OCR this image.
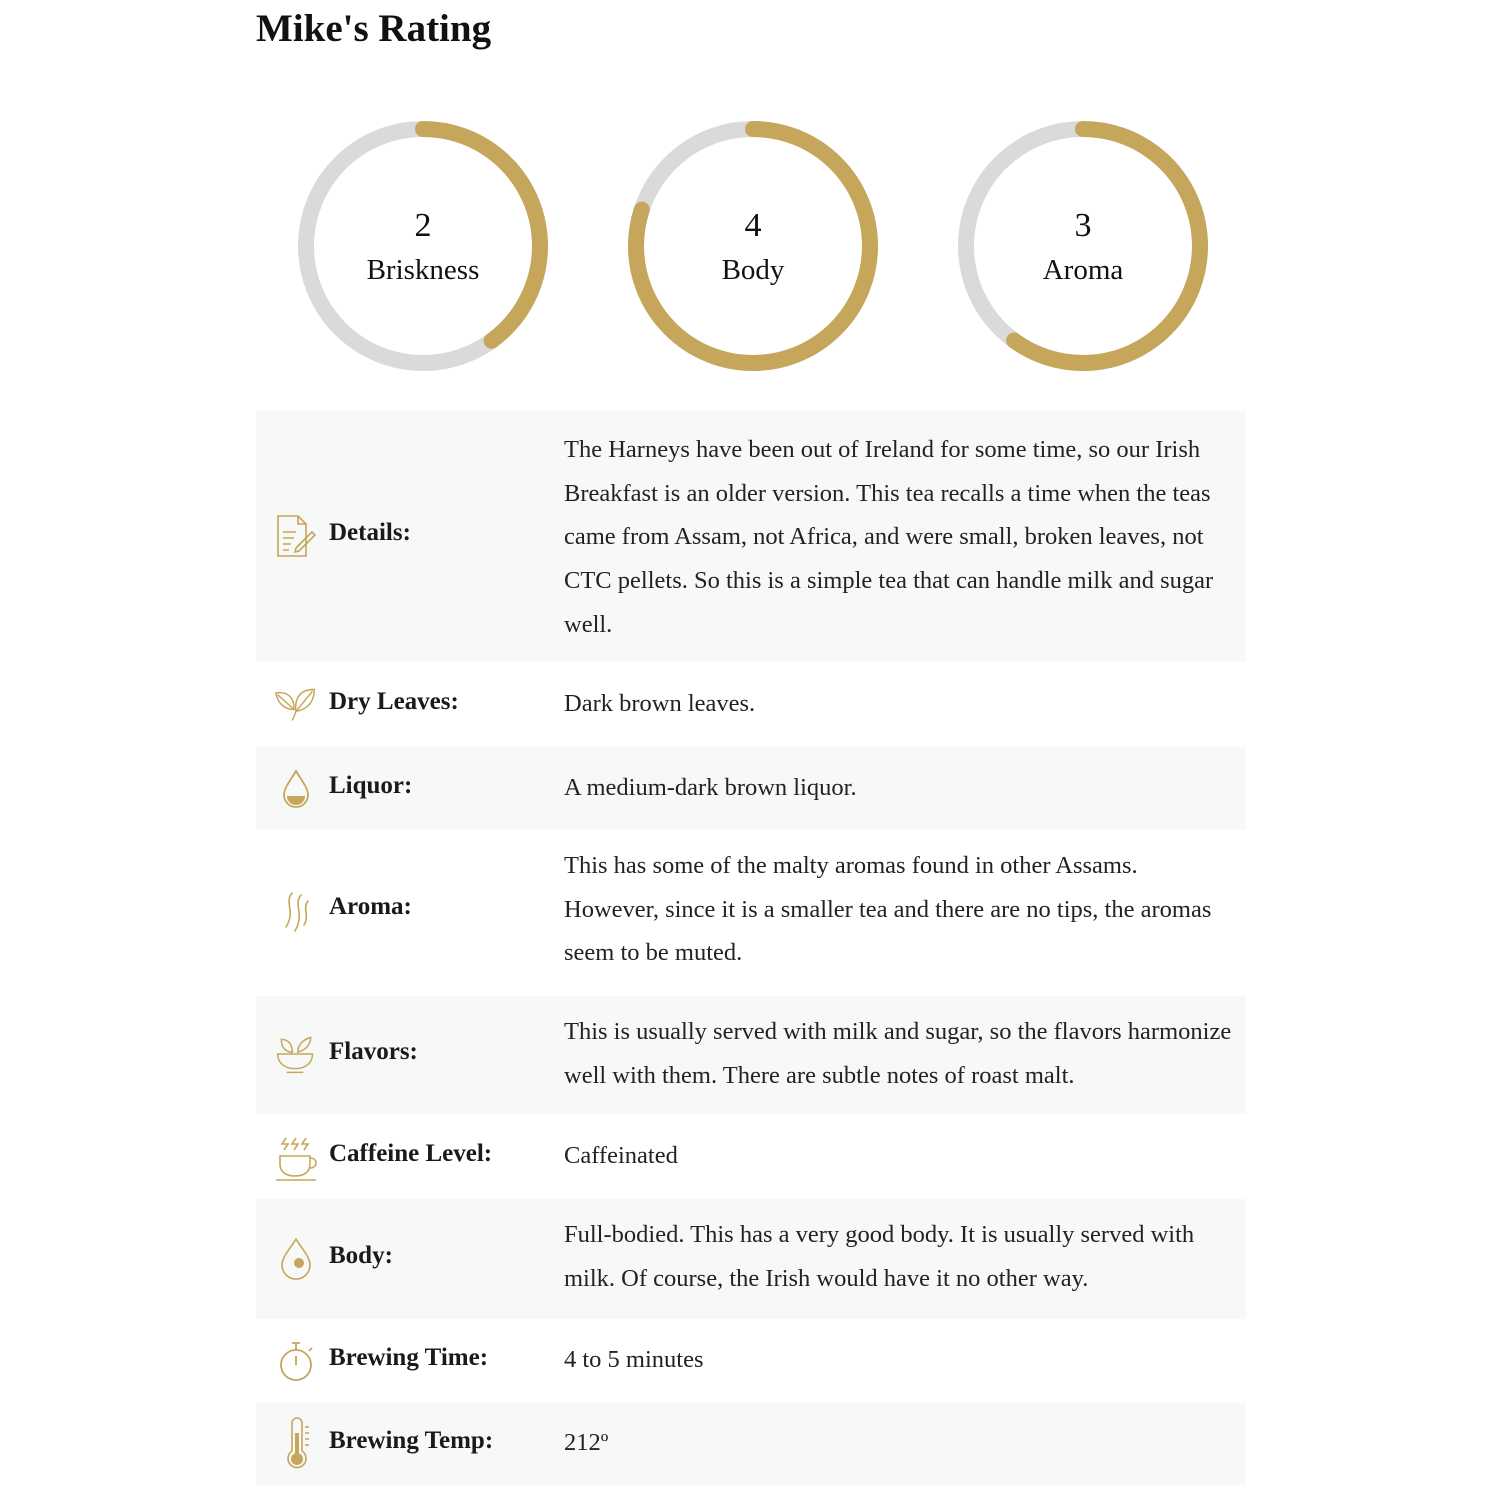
Mike's Rating
2
Briskness
4
Body
3
Aroma
Details:
The Harneys have been out of Ireland for some time, so our Irish Breakfast is an older version. This tea recalls a time when the teas came from Assam, not Africa, and were small, broken leaves, not CTC pellets. So this is a simple tea that can handle milk and sugar well.
Dry Leaves:	Dark brown leaves.
Liquor:	A medium-dark brown liquor.
Aroma:
This has some of the malty aromas found in other Assams. However, since it is a smaller tea and there are no tips, the aromas seem to be muted.
Flavors:
This is usually served with milk and sugar, so the flavors harmonize well with them. There are subtle notes of roast malt.
Caffeine Level:	Caffeinated
Body:
Full-bodied. This has a very good body. It is usually served with milk. Of course, the Irish would have it no other way.
Brewing Time:	4 to 5 minutes
Brewing Temp:	212º
